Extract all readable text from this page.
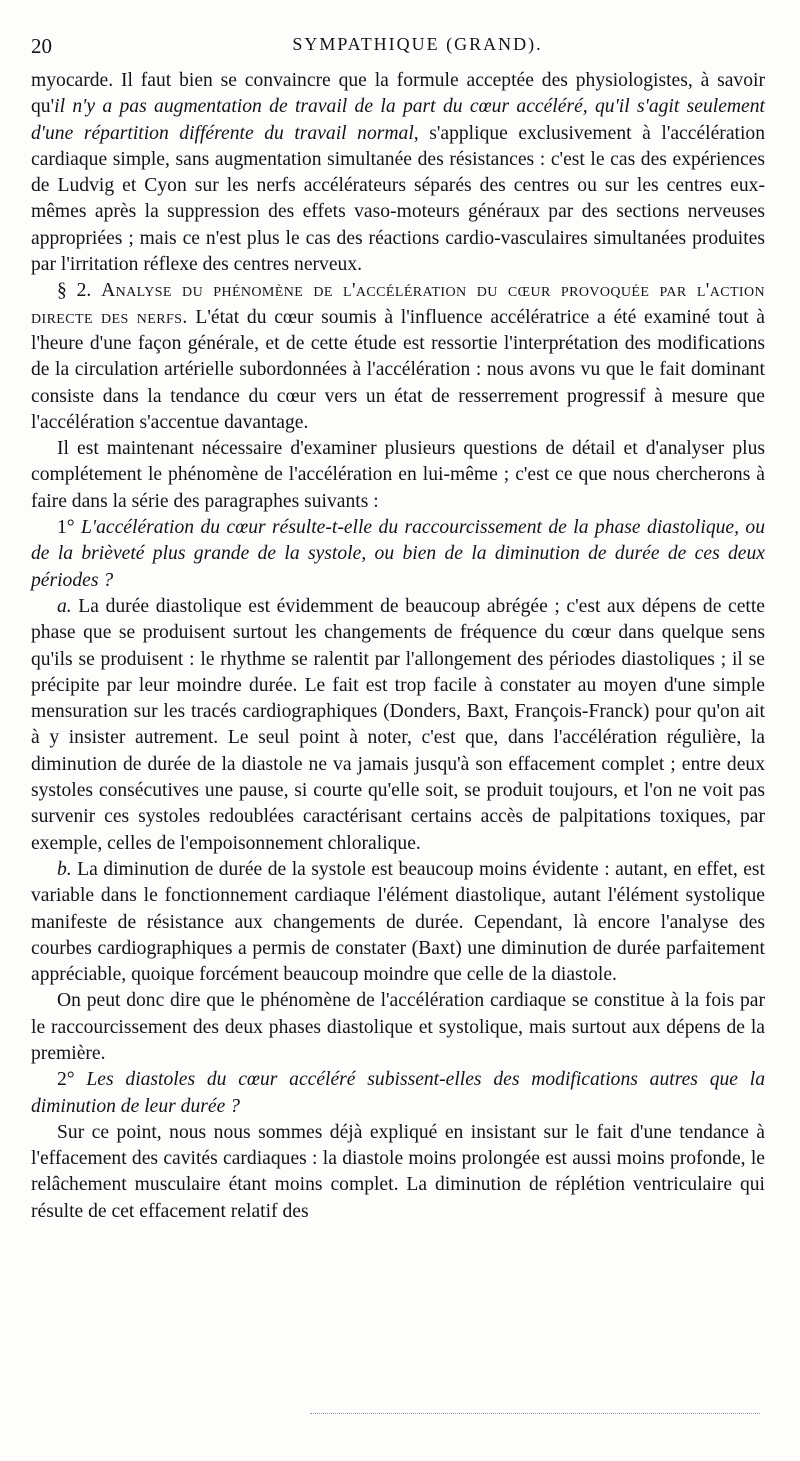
20	SYMPATHIQUE (GRAND).

myocarde. Il faut bien se convaincre que la formule acceptée des physiologistes, à savoir qu'il n'y a pas augmentation de travail de la part du cœur accéléré, qu'il s'agit seulement d'une répartition différente du travail normal, s'applique exclusivement à l'accélération cardiaque simple, sans augmentation simultanée des résistances : c'est le cas des expériences de Ludvig et Cyon sur les nerfs accélérateurs séparés des centres ou sur les centres eux-mêmes après la suppression des effets vaso-moteurs généraux par des sections nerveuses appropriées ; mais ce n'est plus le cas des réactions cardio-vasculaires simultanées produites par l'irritation réflexe des centres nerveux.

§ 2. Analyse du phénomène de l'accélération du cœur provoquée par l'action directe des nerfs. L'état du cœur soumis à l'influence accélératrice a été examiné tout à l'heure d'une façon générale, et de cette étude est ressortie l'interprétation des modifications de la circulation artérielle subordonnées à l'accélération : nous avons vu que le fait dominant consiste dans la tendance du cœur vers un état de resserrement progressif à mesure que l'accélération s'accentue davantage.

Il est maintenant nécessaire d'examiner plusieurs questions de détail et d'analyser plus complétement le phénomène de l'accélération en lui-même ; c'est ce que nous chercherons à faire dans la série des paragraphes suivants :

1° L'accélération du cœur résulte-t-elle du raccourcissement de la phase diastolique, ou de la brièveté plus grande de la systole, ou bien de la diminution de durée de ces deux périodes ?

a. La durée diastolique est évidemment de beaucoup abrégée ; c'est aux dépens de cette phase que se produisent surtout les changements de fréquence du cœur dans quelque sens qu'ils se produisent : le rhythme se ralentit par l'allongement des périodes diastoliques ; il se précipite par leur moindre durée. Le fait est trop facile à constater au moyen d'une simple mensuration sur les tracés cardiographiques (Donders, Baxt, François-Franck) pour qu'on ait à y insister autrement. Le seul point à noter, c'est que, dans l'accélération régulière, la diminution de durée de la diastole ne va jamais jusqu'à son effacement complet ; entre deux systoles consécutives une pause, si courte qu'elle soit, se produit toujours, et l'on ne voit pas survenir ces systoles redoublées caractérisant certains accès de palpitations toxiques, par exemple, celles de l'empoisonnement chloralique.

b. La diminution de durée de la systole est beaucoup moins évidente : autant, en effet, est variable dans le fonctionnement cardiaque l'élément diastolique, autant l'élément systolique manifeste de résistance aux changements de durée. Cependant, là encore l'analyse des courbes cardiographiques a permis de constater (Baxt) une diminution de durée parfaitement appréciable, quoique forcément beaucoup moindre que celle de la diastole.

On peut donc dire que le phénomène de l'accélération cardiaque se constitue à la fois par le raccourcissement des deux phases diastolique et systolique, mais surtout aux dépens de la première.

2° Les diastoles du cœur accéléré subissent-elles des modifications autres que la diminution de leur durée ?

Sur ce point, nous nous sommes déjà expliqué en insistant sur le fait d'une tendance à l'effacement des cavités cardiaques : la diastole moins prolongée est aussi moins profonde, le relâchement musculaire étant moins complet. La diminution de réplétion ventriculaire qui résulte de cet effacement relatif des
